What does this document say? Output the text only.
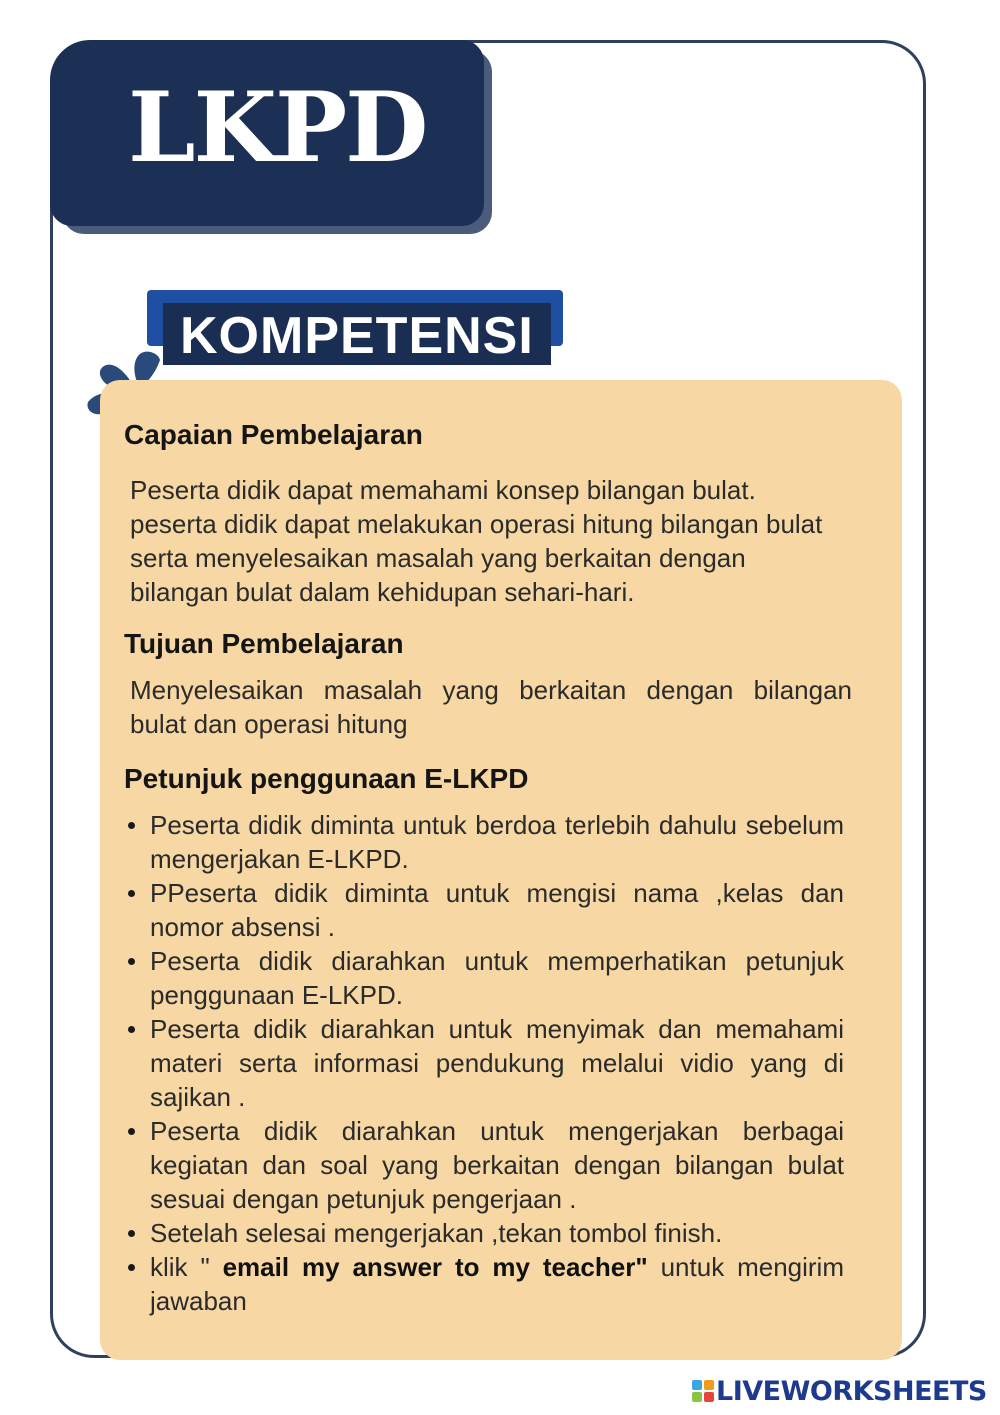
LKPD
KOMPETENSI
Capaian Pembelajaran

Peserta didik dapat memahami konsep bilangan bulat.
peserta didik dapat melakukan operasi hitung bilangan bulat
serta menyelesaikan masalah yang berkaitan dengan
bilangan bulat dalam kehidupan sehari-hari.

Tujuan Pembelajaran

Menyelesaikan masalah yang berkaitan dengan bilangan
bulat dan operasi hitung

Petunjuk penggunaan E-LKPD
Peserta didik diminta untuk berdoa terlebih dahulu sebelum mengerjakan E-LKPD.
PPeserta didik diminta untuk mengisi nama ,kelas dan nomor absensi .
Peserta didik diarahkan untuk memperhatikan petunjuk penggunaan E-LKPD.
Peserta didik diarahkan untuk menyimak dan memahami materi serta informasi pendukung melalui vidio yang di sajikan .
Peserta didik diarahkan untuk mengerjakan berbagai kegiatan dan soal yang berkaitan dengan bilangan bulat sesuai dengan petunjuk pengerjaan .
Setelah selesai mengerjakan ,tekan tombol finish.
klik " email my answer to my teacher" untuk mengirim jawaban
LIVEWORKSHEETS
